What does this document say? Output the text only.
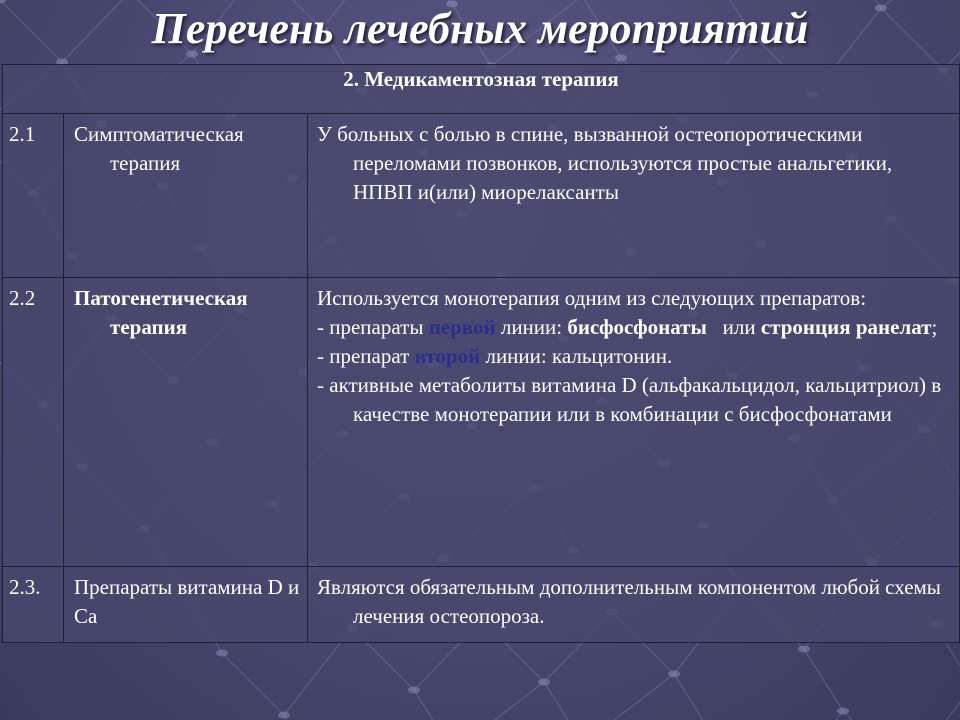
Перечень лечебных мероприятий
2. Медикаментозная терапия		
2.1	Симптоматическая терапия	У больных с болью в спине, вызванной остеопоротическими переломами позвонков, используются простые анальгетики, НПВП и(или) миорелаксанты

2.2	Патогенетическая терапия	Используется монотерапия одним из следующих препаратов:
- препараты первой линии: бисфосфонаты или стронция ранелат;
- препарат второй линии: кальцитонин.
- активные метаболиты витамина D (альфакальцидол, кальцитриол) в качестве монотерапии или в комбинации с бисфосфонатами

2.3.	Препараты витамина D и Са	Являются обязательным дополнительным компонентом любой схемы лечения остеопороза.
